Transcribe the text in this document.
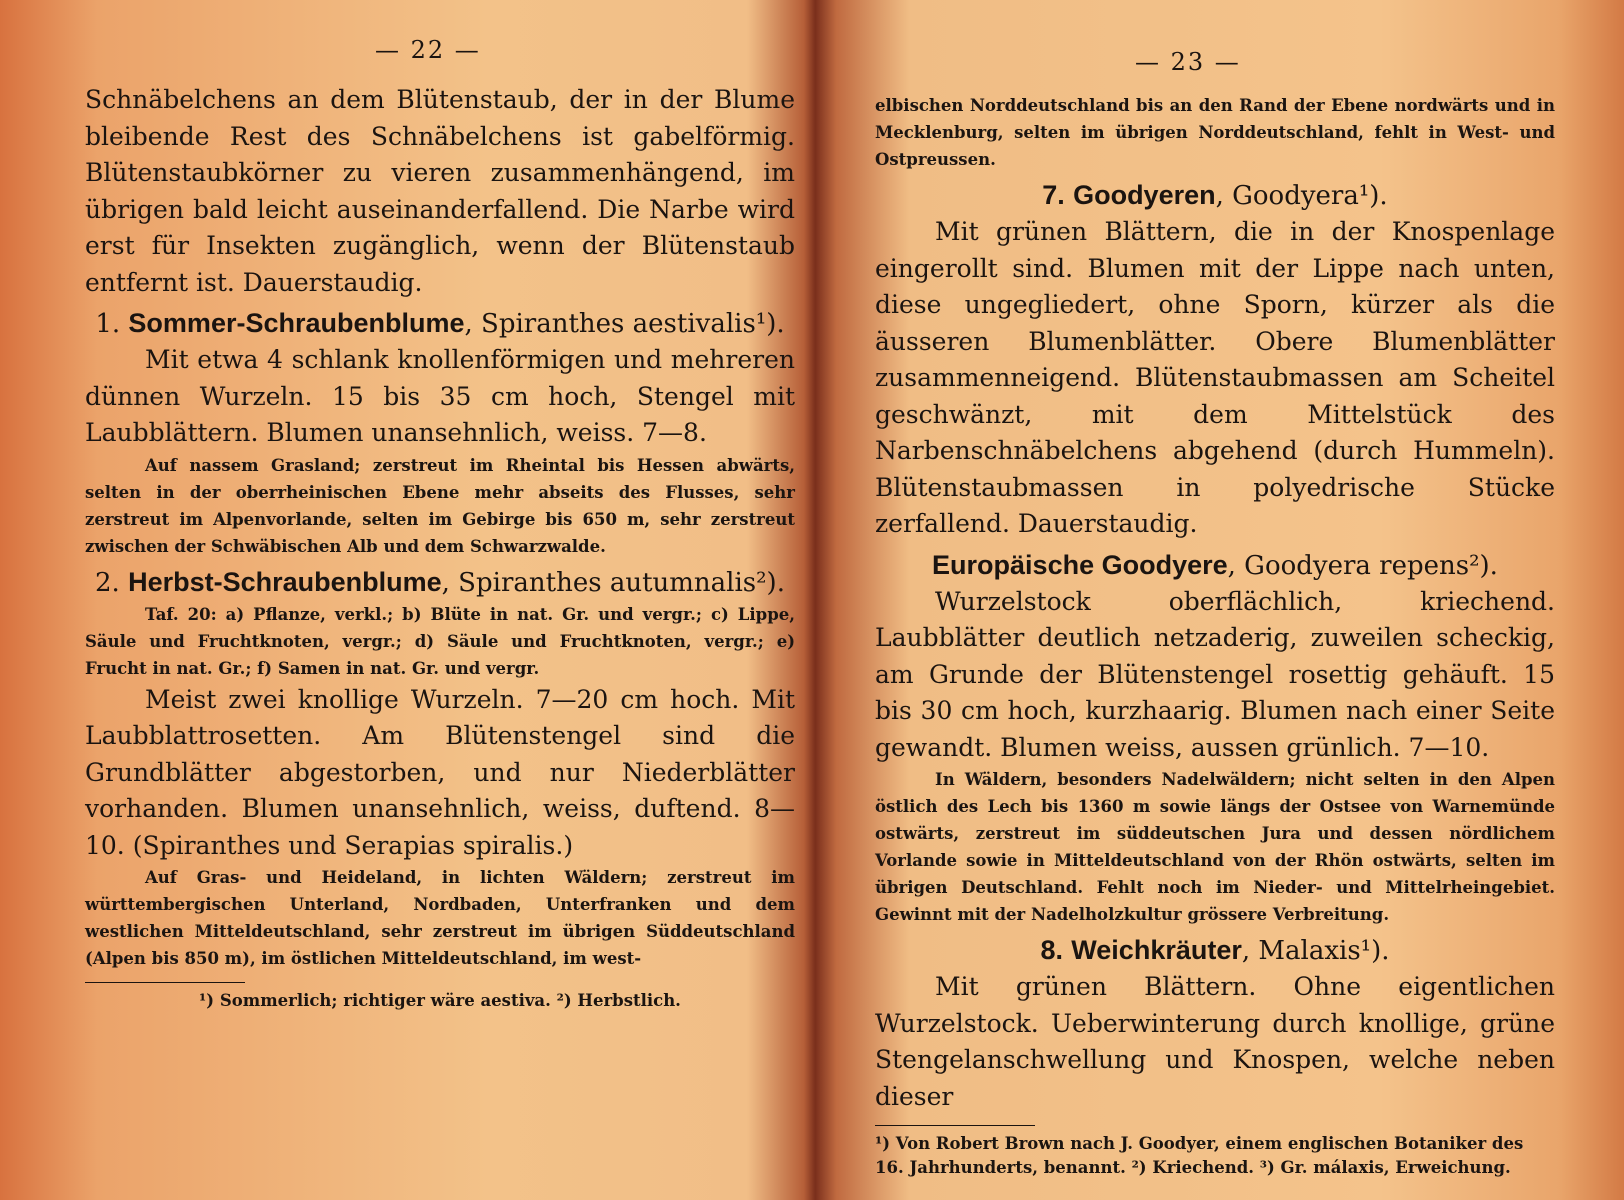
— 22 —

Schnäbelchens an dem Blütenstaub, der in der Blume bleibende Rest des Schnäbelchens ist gabelförmig. Blütenstaubkörner zu vieren zusammenhängend, im übrigen bald leicht auseinanderfallend. Die Narbe wird erst für Insekten zugänglich, wenn der Blütenstaub entfernt ist. Dauerstaudig.

1. Sommer-Schraubenblume, Spiranthes aestivalis¹).

Mit etwa 4 schlank knollenförmigen und mehreren dünnen Wurzeln. 15 bis 35 cm hoch, Stengel mit Laubblättern. Blumen unansehnlich, weiss. 7—8.

Auf nassem Grasland; zerstreut im Rheintal bis Hessen abwärts, selten in der oberrheinischen Ebene mehr abseits des Flusses, sehr zerstreut im Alpenvorlande, selten im Gebirge bis 650 m, sehr zerstreut zwischen der Schwäbischen Alb und dem Schwarzwalde.

2. Herbst-Schraubenblume, Spiranthes autumnalis²).

Taf. 20: a) Pflanze, verkl.; b) Blüte in nat. Gr. und vergr.; c) Lippe, Säule und Fruchtknoten, vergr.; d) Säule und Fruchtknoten, vergr.; e) Frucht in nat. Gr.; f) Samen in nat. Gr. und vergr.

Meist zwei knollige Wurzeln. 7—20 cm hoch. Mit Laubblattrosetten. Am Blütenstengel sind die Grundblätter abgestorben, und nur Niederblätter vorhanden. Blumen unansehnlich, weiss, duftend. 8—10. (Spiranthes und Serapias spiralis.)

Auf Gras- und Heideland, in lichten Wäldern; zerstreut im württembergischen Unterland, Nordbaden, Unterfranken und dem westlichen Mitteldeutschland, sehr zerstreut im übrigen Süddeutschland (Alpen bis 850 m), im östlichen Mitteldeutschland, im west-

¹) Sommerlich; richtiger wäre aestiva. ²) Herbstlich.

— 23 —

elbischen Norddeutschland bis an den Rand der Ebene nordwärts und in Mecklenburg, selten im übrigen Norddeutschland, fehlt in West- und Ostpreussen.

7. Goodyeren, Goodyera¹).

Mit grünen Blättern, die in der Knospenlage eingerollt sind. Blumen mit der Lippe nach unten, diese ungegliedert, ohne Sporn, kürzer als die äusseren Blumenblätter. Obere Blumenblätter zusammenneigend. Blütenstaubmassen am Scheitel geschwänzt, mit dem Mittelstück des Narbenschnäbelchens abgehend (durch Hummeln). Blütenstaubmassen in polyedrische Stücke zerfallend. Dauerstaudig.

Europäische Goodyere, Goodyera repens²).

Wurzelstock oberflächlich, kriechend. Laubblätter deutlich netzaderig, zuweilen scheckig, am Grunde der Blütenstengel rosettig gehäuft. 15 bis 30 cm hoch, kurzhaarig. Blumen nach einer Seite gewandt. Blumen weiss, aussen grünlich. 7—10.

In Wäldern, besonders Nadelwäldern; nicht selten in den Alpen östlich des Lech bis 1360 m sowie längs der Ostsee von Warnemünde ostwärts, zerstreut im süddeutschen Jura und dessen nördlichem Vorlande sowie in Mitteldeutschland von der Rhön ostwärts, selten im übrigen Deutschland. Fehlt noch im Nieder- und Mittelrheingebiet. Gewinnt mit der Nadelholzkultur grössere Verbreitung.

8. Weichkräuter, Malaxis¹).

Mit grünen Blättern. Ohne eigentlichen Wurzelstock. Ueberwinterung durch knollige, grüne Stengelanschwellung und Knospen, welche neben dieser

¹) Von Robert Brown nach J. Goodyer, einem englischen Botaniker des 16. Jahrhunderts, benannt. ²) Kriechend. ³) Gr. málaxis, Erweichung.
